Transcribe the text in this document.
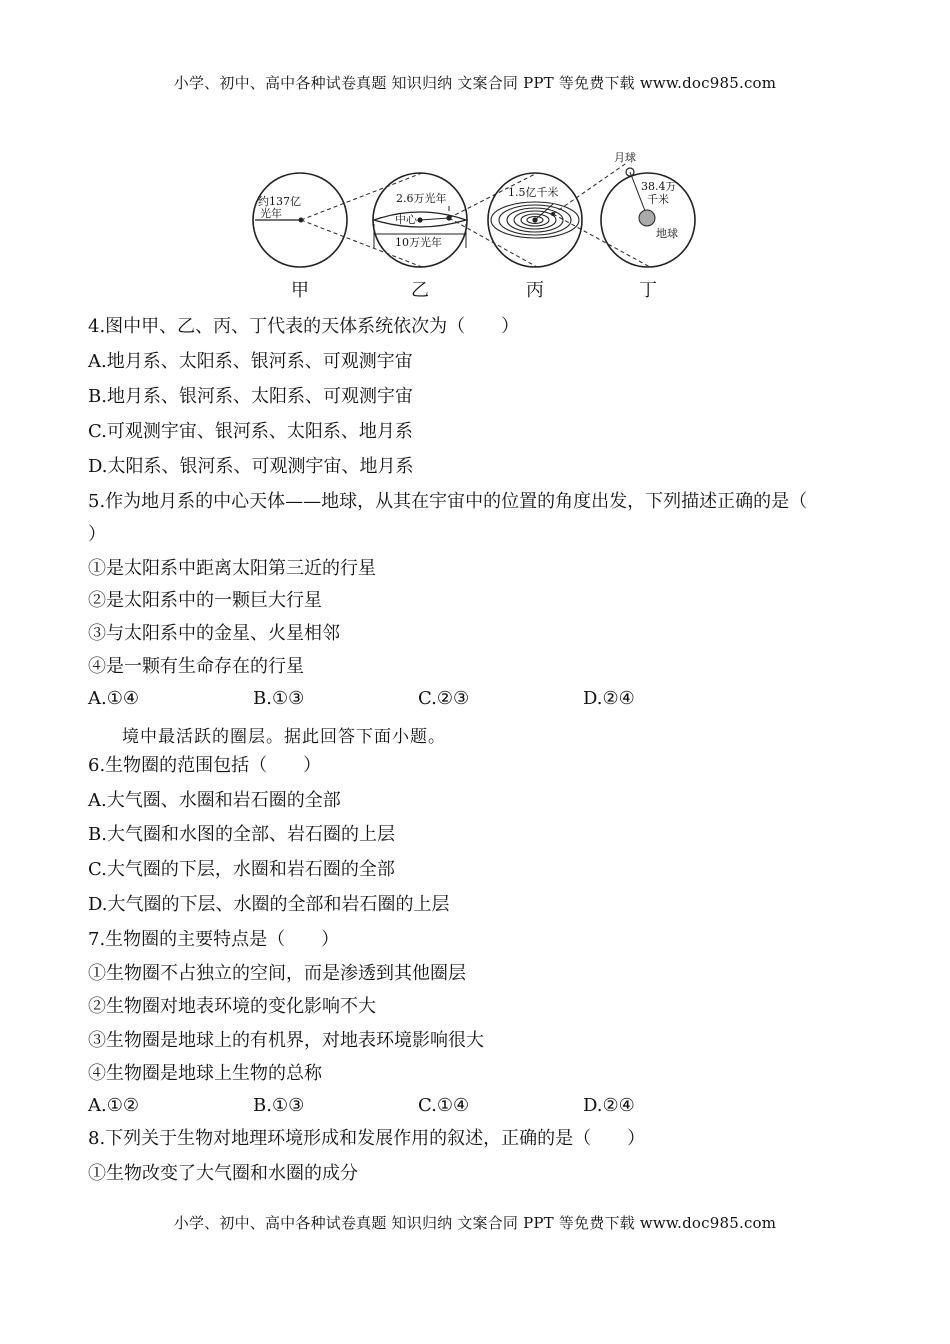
小学、初中、高中各种试卷真题 知识归纳 文案合同 PPT 等免费下载 www.doc985.com
约137亿
光年
2.6万光年
中心
10万光年
1.5亿千米
月球
38.4万
千米
地球
甲	乙	丙	丁
4.图中甲、乙、丙、丁代表的天体系统依次为（　　）
A.地月系、太阳系、银河系、可观测宇宙
B.地月系、银河系、太阳系、可观测宇宙
C.可观测宇宙、银河系、太阳系、地月系
D.太阳系、银河系、可观测宇宙、地月系
5.作为地月系的中心天体——地球，从其在宇宙中的位置的角度出发，下列描述正确的是（
）
①是太阳系中距离太阳第三近的行星
②是太阳系中的一颗巨大行星
③与太阳系中的金星、火星相邻
④是一颗有生命存在的行星
A.①④	B.①③	C.②③	D.②④
境中最活跃的圈层。据此回答下面小题。
6.生物圈的范围包括（　　）
A.大气圈、水圈和岩石圈的全部
B.大气圈和水图的全部、岩石圈的上层
C.大气圈的下层，水圈和岩石圈的全部
D.大气圈的下层、水圈的全部和岩石圈的上层
7.生物圈的主要特点是（　　）
①生物圈不占独立的空间，而是渗透到其他圈层
②生物圈对地表环境的变化影响不大
③生物圈是地球上的有机界，对地表环境影响很大
④生物圈是地球上生物的总称
A.①②	B.①③	C.①④	D.②④
8.下列关于生物对地理环境形成和发展作用的叙述，正确的是（　　）
①生物改变了大气圈和水圈的成分
小学、初中、高中各种试卷真题 知识归纳 文案合同 PPT 等免费下载 www.doc985.com
